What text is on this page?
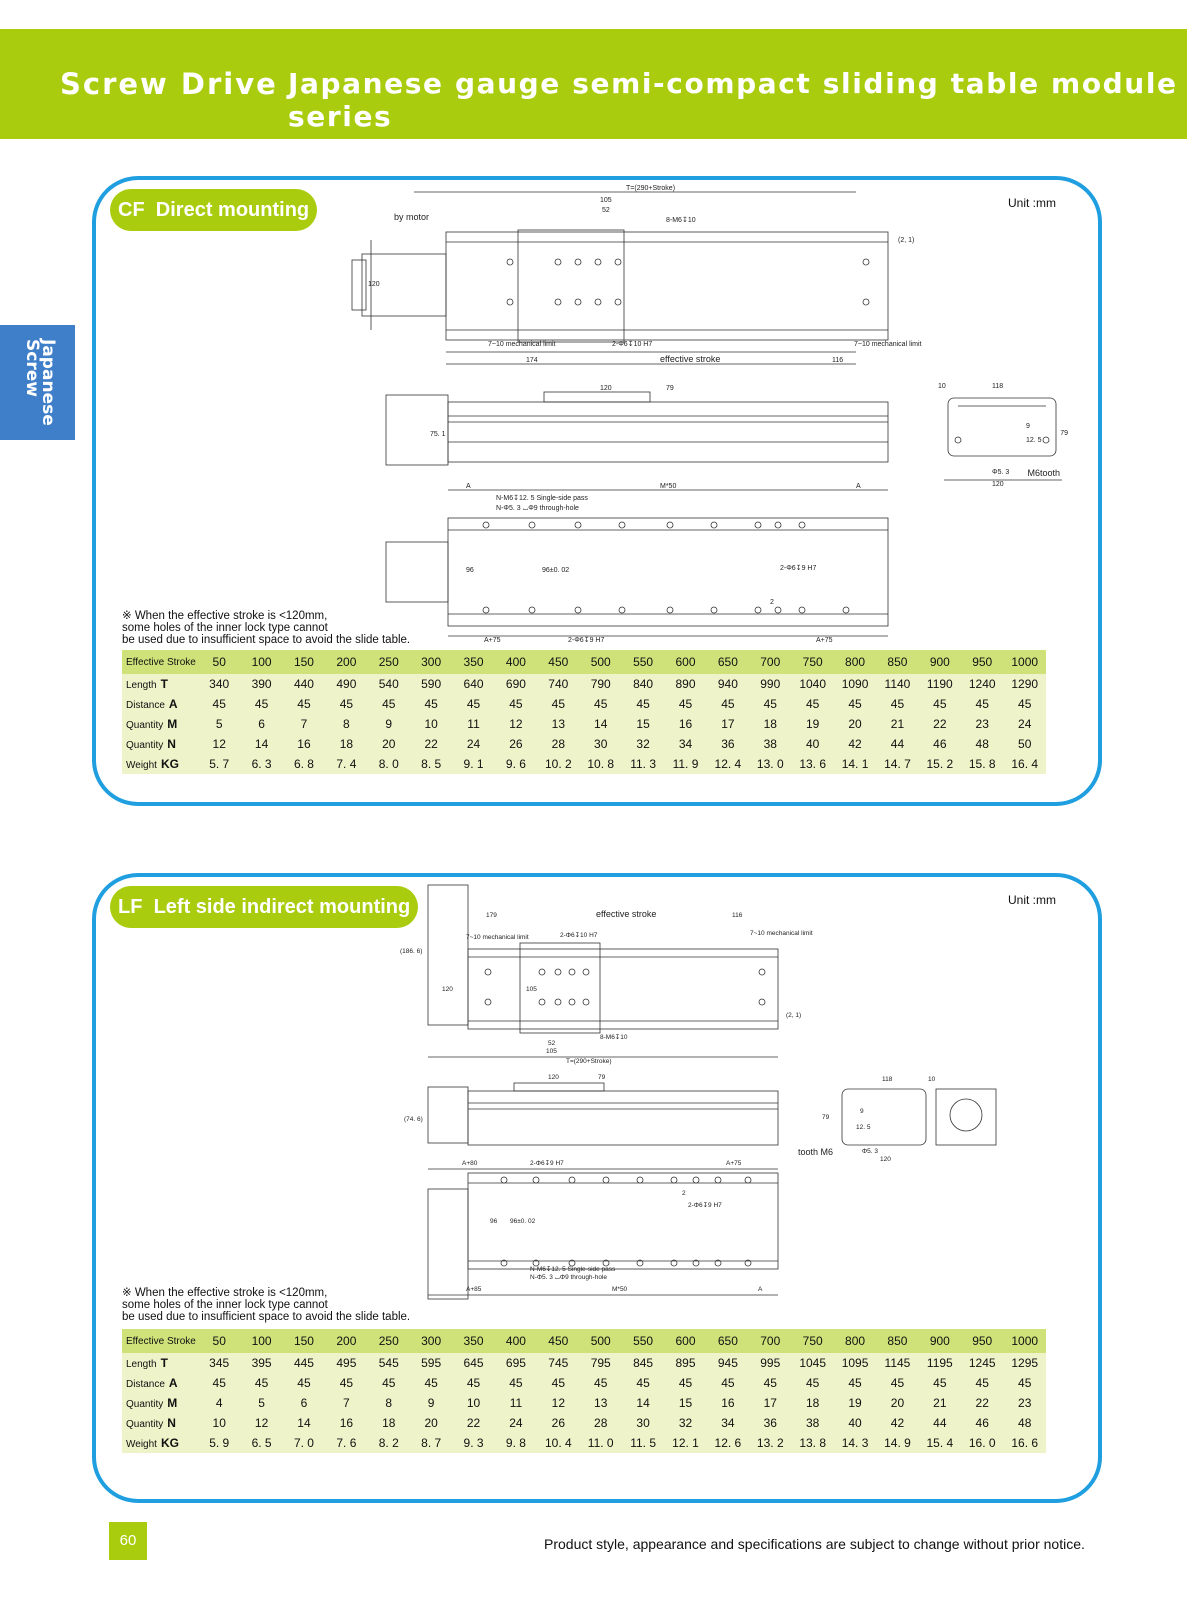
Screw Drive Japanese gauge semi-compact sliding table module series
Japanese Screw
CF Direct mounting	Unit :mm
T=(290+Stroke)
105
52
8-M6↧10
by motor
(2, 1)
120
7~10 mechanical limit	2-Φ6↧10 H7	7~10 mechanical limit
174	effective stroke	116
120	79
75. 1
10	118
79
9
12. 5
Φ5. 3
120
M6tooth
A	M*50	A
N-M6↧12. 5 Single-side pass
N-Φ5. 3 ⌴Φ9 through-hole
96	96±0. 02	2-Φ6↧9 H7
2
A+75	2-Φ6↧9 H7	A+75
※ When the effective stroke is <120mm,
some holes of the inner lock type cannot
be used due to insufficient space to avoid the slide table.
Effective Stroke	50	100	150	200	250	300	350	400	450	500	550	600	650	700	750	800	850	900	950	1000
Length T	340	390	440	490	540	590	640	690	740	790	840	890	940	990	1040	1090	1140	1190	1240	1290
Distance A	45	45	45	45	45	45	45	45	45	45	45	45	45	45	45	45	45	45	45	45
Quantity M	5	6	7	8	9	10	11	12	13	14	15	16	17	18	19	20	21	22	23	24
Quantity N	12	14	16	18	20	22	24	26	28	30	32	34	36	38	40	42	44	46	48	50
Weight KG	5. 7	6. 3	6. 8	7. 4	8. 0	8. 5	9. 1	9. 6	10. 2	10. 8	11. 3	11. 9	12. 4	13. 0	13. 6	14. 1	14. 7	15. 2	15. 8	16. 4
LF Left side indirect mounting	Unit :mm
effective stroke
179	116
7~10 mechanical limit	2-Φ6↧10 H7	7~10 mechanical limit
(186. 6)
120	105
(2, 1)
52
105
8-M6↧10
T=(290+Stroke)
120	79
(74. 6)
118	10
79
9
12. 5
Φ5. 3
120
tooth M6
A+80	2-Φ6↧9 H7	A+75
2
96 96±0. 02
2-Φ6↧9 H7
N-M6↧12. 5 Single-side pass
N-Φ5. 3 ⌴Φ9 through-hole
A+85	M*50	A
※ When the effective stroke is <120mm,
some holes of the inner lock type cannot
be used due to insufficient space to avoid the slide table.
Effective Stroke	50	100	150	200	250	300	350	400	450	500	550	600	650	700	750	800	850	900	950	1000
Length T	345	395	445	495	545	595	645	695	745	795	845	895	945	995	1045	1095	1145	1195	1245	1295
Distance A	45	45	45	45	45	45	45	45	45	45	45	45	45	45	45	45	45	45	45	45
Quantity M	4	5	6	7	8	9	10	11	12	13	14	15	16	17	18	19	20	21	22	23
Quantity N	10	12	14	16	18	20	22	24	26	28	30	32	34	36	38	40	42	44	46	48
Weight KG	5. 9	6. 5	7. 0	7. 6	8. 2	8. 7	9. 3	9. 8	10. 4	11. 0	11. 5	12. 1	12. 6	13. 2	13. 8	14. 3	14. 9	15. 4	16. 0	16. 6
60	Product style, appearance and specifications are subject to change without prior notice.
